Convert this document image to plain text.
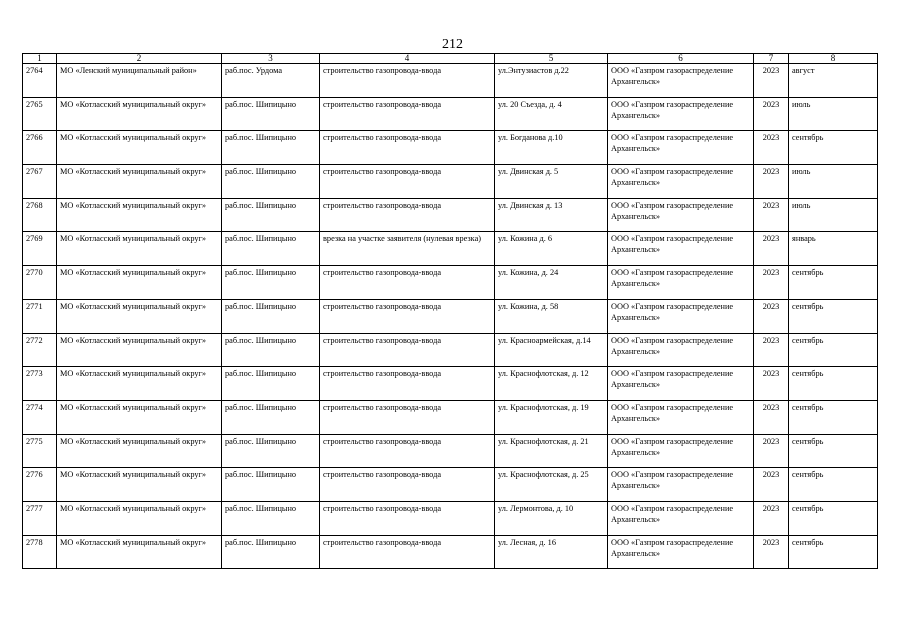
212
1	2	3	4	5	6	7	8
2764	МО «Ленский муниципальный район»	раб.пос. Урдома	строительство газопровода-ввода	ул.Энтузиастов д.22	ООО «Газпром газораспределение Архангельск»	2023	август
2765	МО «Котласский муниципальный округ»	раб.пос. Шипицыно	строительство газопровода-ввода	ул. 20 Съезда, д. 4	ООО «Газпром газораспределение Архангельск»	2023	июль
2766	МО «Котласский муниципальный округ»	раб.пос. Шипицыно	строительство газопровода-ввода	ул. Богданова д.10	ООО «Газпром газораспределение Архангельск»	2023	сентябрь
2767	МО «Котласский муниципальный округ»	раб.пос. Шипицыно	строительство газопровода-ввода	ул. Двинская д. 5	ООО «Газпром газораспределение Архангельск»	2023	июль
2768	МО «Котласский муниципальный округ»	раб.пос. Шипицыно	строительство газопровода-ввода	ул. Двинская д. 13	ООО «Газпром газораспределение Архангельск»	2023	июль
2769	МО «Котласский муниципальный округ»	раб.пос. Шипицыно	врезка на участке заявителя (нулевая врезка)	ул. Кожина д. 6	ООО «Газпром газораспределение Архангельск»	2023	январь
2770	МО «Котласский муниципальный округ»	раб.пос. Шипицыно	строительство газопровода-ввода	ул. Кожина, д. 24	ООО «Газпром газораспределение Архангельск»	2023	сентябрь
2771	МО «Котласский муниципальный округ»	раб.пос. Шипицыно	строительство газопровода-ввода	ул. Кожина, д. 58	ООО «Газпром газораспределение Архангельск»	2023	сентябрь
2772	МО «Котласский муниципальный округ»	раб.пос. Шипицыно	строительство газопровода-ввода	ул. Красноармейская, д.14	ООО «Газпром газораспределение Архангельск»	2023	сентябрь
2773	МО «Котласский муниципальный округ»	раб.пос. Шипицыно	строительство газопровода-ввода	ул. Краснофлотская, д. 12	ООО «Газпром газораспределение Архангельск»	2023	сентябрь
2774	МО «Котласский муниципальный округ»	раб.пос. Шипицыно	строительство газопровода-ввода	ул. Краснофлотская, д. 19	ООО «Газпром газораспределение Архангельск»	2023	сентябрь
2775	МО «Котласский муниципальный округ»	раб.пос. Шипицыно	строительство газопровода-ввода	ул. Краснофлотская, д. 21	ООО «Газпром газораспределение Архангельск»	2023	сентябрь
2776	МО «Котласский муниципальный округ»	раб.пос. Шипицыно	строительство газопровода-ввода	ул. Краснофлотская, д. 25	ООО «Газпром газораспределение Архангельск»	2023	сентябрь
2777	МО «Котласский муниципальный округ»	раб.пос. Шипицыно	строительство газопровода-ввода	ул. Лермонтова, д. 10	ООО «Газпром газораспределение Архангельск»	2023	сентябрь
2778	МО «Котласский муниципальный округ»	раб.пос. Шипицыно	строительство газопровода-ввода	ул. Лесная, д. 16	ООО «Газпром газораспределение Архангельск»	2023	сентябрь
